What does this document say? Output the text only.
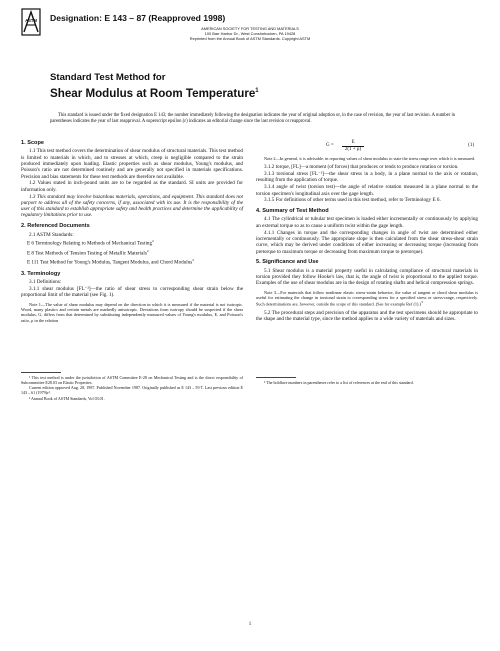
ASTM Designation: E 143 – 87 (Reapproved 1998)
AMERICAN SOCIETY FOR TESTING AND MATERIALS
100 Barr Harbor Dr., West Conshohocken, PA 19428
Reprinted from the Annual Book of ASTM Standards. Copyright ASTM
Standard Test Method for
Shear Modulus at Room Temperature$^1$
This standard is issued under the fixed designation E 143; the number immediately following the designation indicates the year of original adoption or, in the case of revision, the year of last revision. A number in parentheses indicates the year of last reapproval. A superscript epsilon (ε) indicates an editorial change since the last revision or reapproval.
1. Scope

1.1 This test method covers the determination of shear modulus of structural materials. This test method is limited to materials in which, and to stresses at which, creep is negligible compared to the strain produced immediately upon loading. Elastic properties such as shear modulus, Young's modulus, and Poisson's ratio are not determined routinely and are generally not specified in materials specifications. Precision and bias statements for these test methods are therefore not available.

1.2 Values stated in inch-pound units are to be regarded as the standard. SI units are provided for information only.

1.3 This standard may involve hazardous materials, operations, and equipment. This standard does not purport to address all of the safety concerns, if any, associated with its use. It is the responsibility of the user of this standard to establish appropriate safety and health practices and determine the applicability of regulatory limitations prior to use.

2. Referenced Documents

2.1 ASTM Standards:

E 6 Terminology Relating to Methods of Mechanical Testing$^2$

E 8 Test Methods of Tension Testing of Metallic Materials$^2$

E 111 Test Method for Young's Modulus, Tangent Modulus, and Chord Modulus$^2$

3. Terminology

3.1 Definitions:

3.1.1 shear modulus [FL⁻²]—the ratio of shear stress to corresponding shear strain below the proportional limit of the material (see Fig. 1).

Note 1—The value of shear modulus may depend on the direction in which it is measured if the material is not isotropic. Wood, many plastics and certain metals are markedly anisotropic. Deviations from isotropy should be suspected if the shear modulus, G, differs from that determined by substituting independently measured values of Young's modulus, E, and Poisson's ratio, μ in the relation

¹ This test method is under the jurisdiction of ASTM Committee E-28 on Mechanical Testing and is the direct responsibility of Subcommittee E28.03 on Elastic Properties.

Current edition approved Aug. 28, 1987. Published November 1987. Originally published as E 143 – 59 T. Last previous edition E 143 – 61 (1979)ε¹.

² Annual Book of ASTM Standards, Vol 03.01.

$G = \frac{E}{2(1 + \mu)}$	(1)

Note 2—In general, it is advisable, in reporting values of shear modulus to state the stress range over which it is measured.

3.1.2 torque, [FL]—a moment (of forces) that produces or tends to produce rotation or torsion.

3.1.3 torsional stress [FL⁻²]—the shear stress in a body, in a plane normal to the axis or rotation, resulting from the application of torque.

3.1.4 angle of twist (torsion test)—the angle of relative rotation measured in a plane normal to the torsion specimen's longitudinal axis over the gage length.

3.1.5 For definitions of other terms used in this test method, refer to Terminology E 6.

4. Summary of Test Method

4.1 The cylindrical or tubular test specimen is loaded either incrementally or continuously by applying an external torque so as to cause a uniform twist within the gage length.

4.1.1 Changes in torque and the corresponding changes in angle of twist are determined either incrementally or continuously. The appropriate slope is then calculated from the shear stress-shear strain curve, which may be derived under conditions of either increasing or decreasing torque (increasing from pretorque to maximum torque or decreasing from maximum torque to pretorque).

5. Significance and Use

5.1 Shear modulus is a material property useful in calculating compliance of structural materials in torsion provided they follow Hooke's law, that is, the angle of twist is proportional to the applied torque. Examples of the use of shear modulus are in the design of rotating shafts and helical compression springs.

Note 3—For materials that follow nonlinear elastic stress-strain behavior, the value of tangent or chord shear modulus is useful for estimating the change in torsional strain to corresponding stress for a specified stress or stress-range, respectively. Such determinations are, however, outside the scope of this standard. (See for example Ref (1).)$^3$

5.2 The procedural steps and precision of the apparatus and the test specimens should be appropriate to the shape and the material type, since the method applies to a wide variety of materials and sizes.

³ The boldface numbers in parentheses refer to a list of references at the end of this standard.

1
